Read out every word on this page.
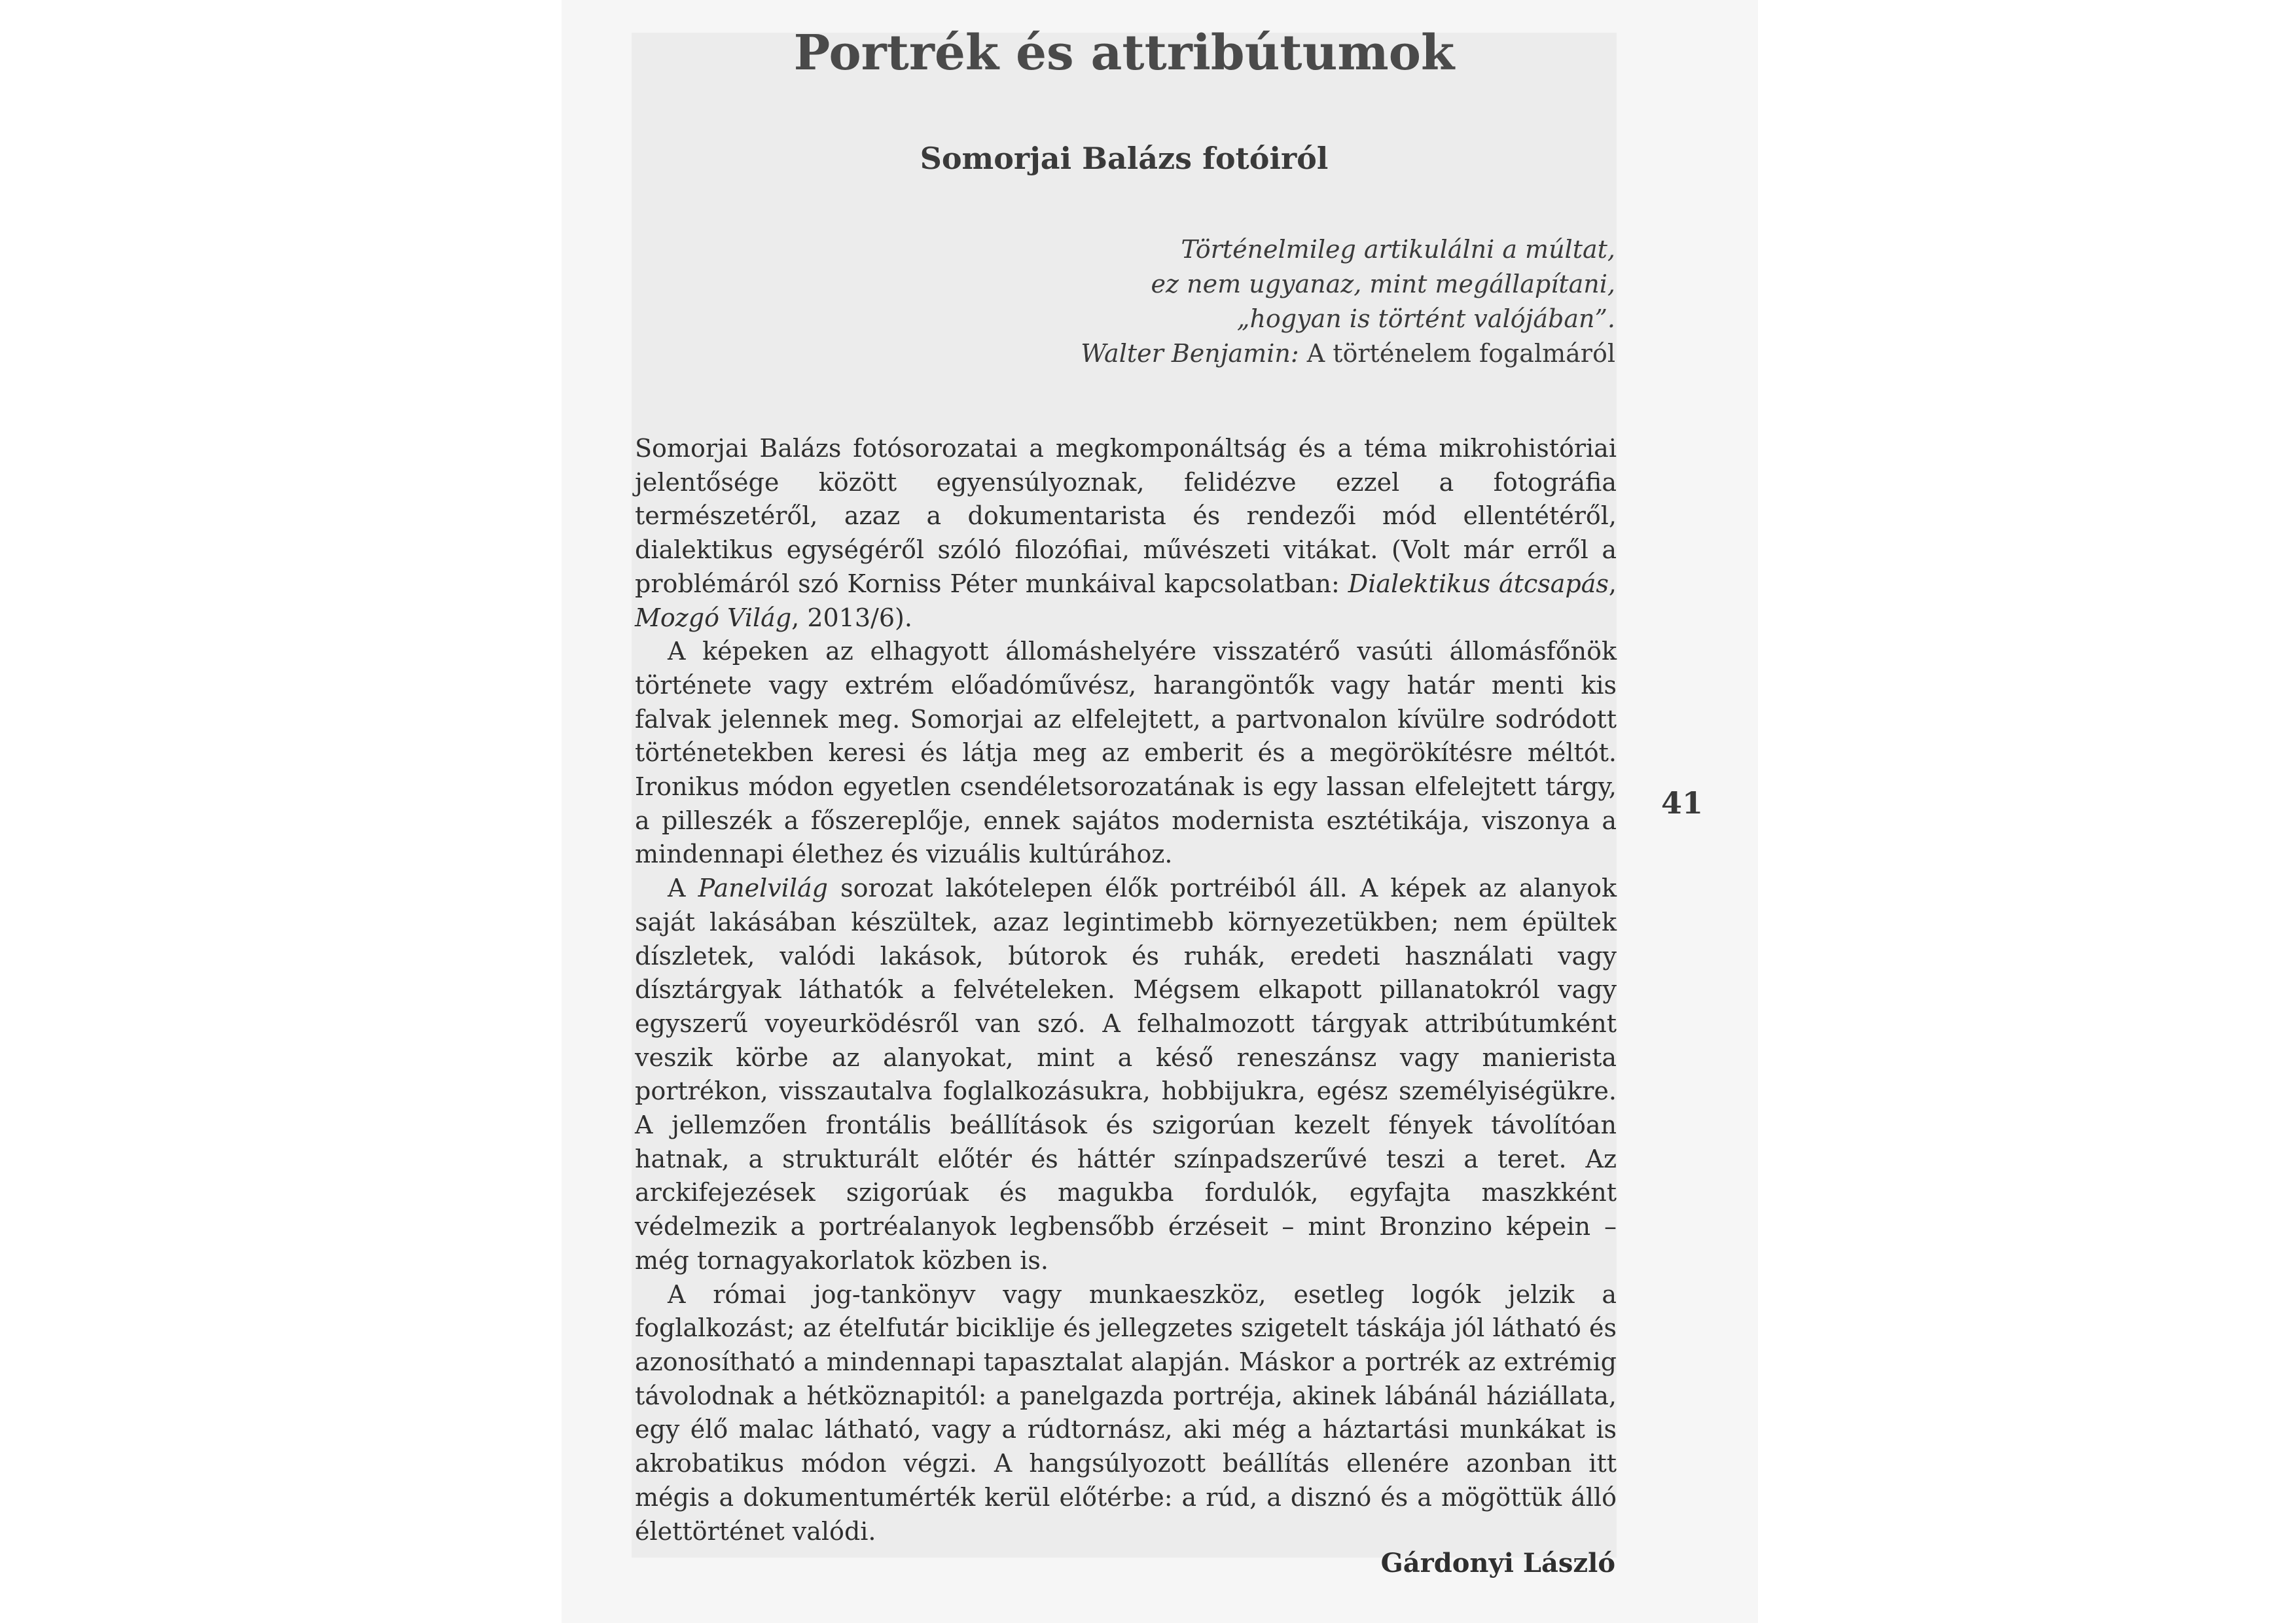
Portrék és attribútumok
Somorjai Balázs fotóiról
Történelmileg artikulálni a múltat,
ez nem ugyanaz, mint megállapítani,
„hogyan is történt valójában”.
Walter Benjamin: A történelem fogalmáról

Somorjai Balázs fotósorozatai a megkomponáltság és a téma mikrohistóriai jelentősége között egyensúlyoznak, felidézve ezzel a fotográfia természetéről, azaz a dokumentarista és rendezői mód ellentétéről, dialektikus egységéről szóló filozófiai, művészeti vitákat. (Volt már erről a problémáról szó Korniss Péter munkáival kapcsolatban: Dialektikus átcsapás, Mozgó Világ, 2013/6).

A képeken az elhagyott állomáshelyére visszatérő vasúti állomásfőnök története vagy extrém előadóművész, harangöntők vagy határ menti kis falvak jelennek meg. Somorjai az elfelejtett, a partvonalon kívülre sodródott történetekben keresi és látja meg az emberit és a megörökítésre méltót. Ironikus módon egyetlen csendéletsorozatának is egy lassan elfelejtett tárgy, a pilleszék a főszereplője, ennek sajátos modernista esztétikája, viszonya a mindennapi élethez és vizuális kultúrához.

A Panelvilág sorozat lakótelepen élők portréiból áll. A képek az alanyok saját lakásában készültek, azaz legintimebb környezetükben; nem épültek díszletek, valódi lakások, bútorok és ruhák, eredeti használati vagy dísztárgyak láthatók a felvételeken. Mégsem elkapott pillanatokról vagy egyszerű voyeurködésről van szó. A felhalmozott tárgyak attribútumként veszik körbe az alanyokat, mint a késő reneszánsz vagy manierista portrékon, visszautalva foglalkozásukra, hobbijukra, egész személyiségükre. A jellemzően frontális beállítások és szigorúan kezelt fények távolítóan hatnak, a strukturált előtér és háttér színpadszerűvé teszi a teret. Az arckifejezések szigorúak és magukba fordulók, egyfajta maszkként védelmezik a portréalanyok legbensőbb érzéseit – mint Bronzino képein – még tornagyakorlatok közben is.

A római jog-tankönyv vagy munkaeszköz, esetleg logók jelzik a foglalkozást; az ételfutár biciklije és jellegzetes szigetelt táskája jól látható és azonosítható a mindennapi tapasztalat alapján. Máskor a portrék az extrémig távolodnak a hétköznapitól: a panelgazda portréja, akinek lábánál háziállata, egy élő malac látható, vagy a rúdtornász, aki még a háztartási munkákat is akrobatikus módon végzi. A hangsúlyozott beállítás ellenére azonban itt mégis a dokumentumérték kerül előtérbe: a rúd, a disznó és a mögöttük álló élettörténet valódi.

Gárdonyi László

41
